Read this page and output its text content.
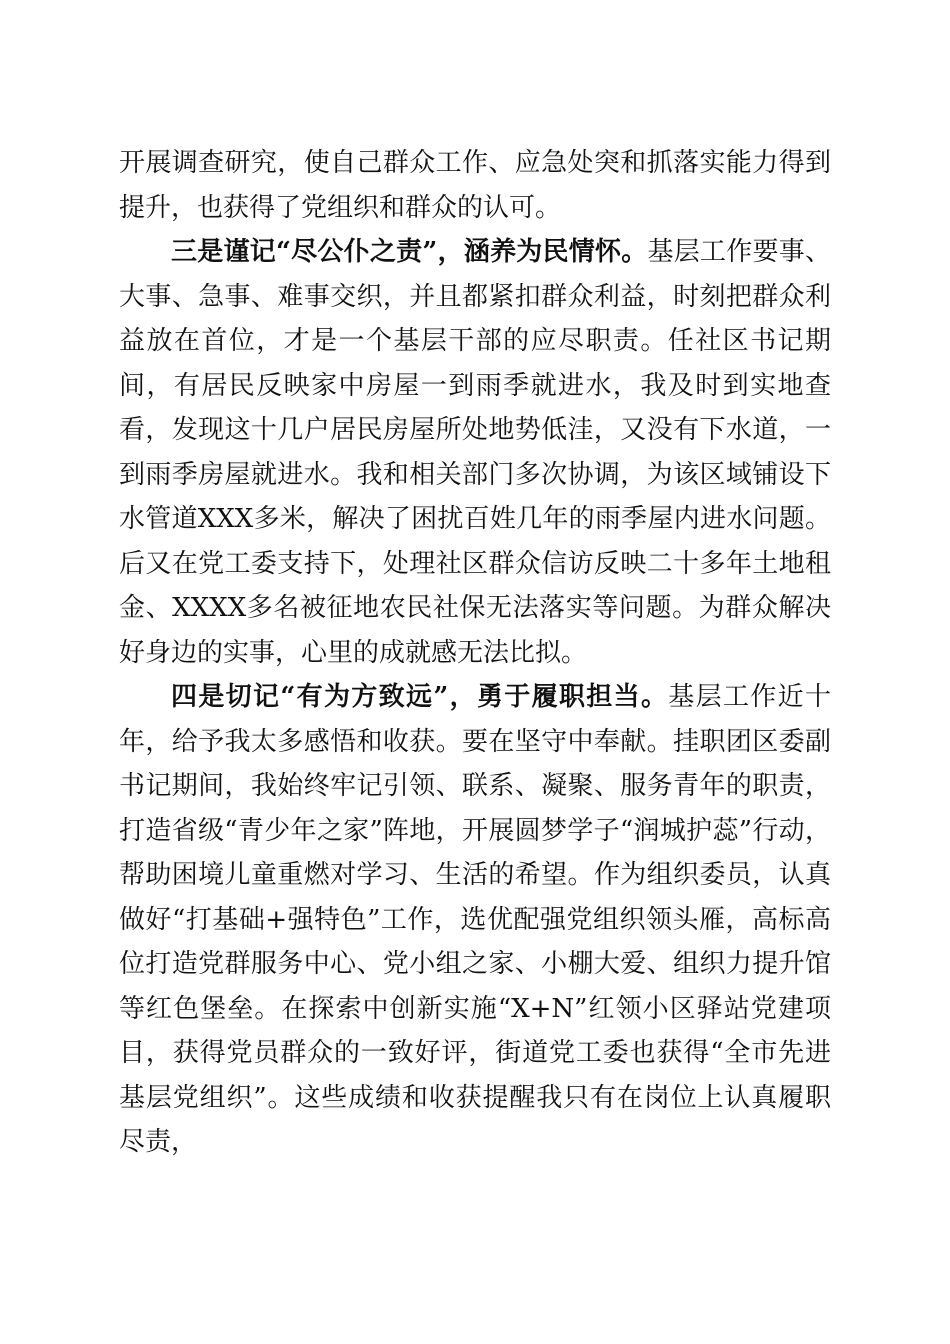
开展调查研究，使自己群众工作、应急处突和抓落实能力得到提升，也获得了党组织和群众的认可。

三是谨记“尽公仆之责”，涵养为民情怀。基层工作要事、大事、急事、难事交织，并且都紧扣群众利益，时刻把群众利益放在首位，才是一个基层干部的应尽职责。任社区书记期间，有居民反映家中房屋一到雨季就进水，我及时到实地查看，发现这十几户居民房屋所处地势低洼，又没有下水道，一到雨季房屋就进水。我和相关部门多次协调，为该区域铺设下水管道XXX多米，解决了困扰百姓几年的雨季屋内进水问题。后又在党工委支持下，处理社区群众信访反映二十多年土地租金、XXXX多名被征地农民社保无法落实等问题。为群众解决好身边的实事，心里的成就感无法比拟。

四是切记“有为方致远”，勇于履职担当。基层工作近十年，给予我太多感悟和收获。要在坚守中奉献。挂职团区委副书记期间，我始终牢记引领、联系、凝聚、服务青年的职责，打造省级“青少年之家”阵地，开展圆梦学子“润城护蕊”行动，帮助困境儿童重燃对学习、生活的希望。作为组织委员，认真做好“打基础+强特色”工作，选优配强党组织领头雁，高标高位打造党群服务中心、党小组之家、小棚大爱、组织力提升馆等红色堡垒。在探索中创新实施“X+N”红领小区驿站党建项目，获得党员群众的一致好评，街道党工委也获得“全市先进基层党组织”。这些成绩和收获提醒我只有在岗位上认真履职尽责，
